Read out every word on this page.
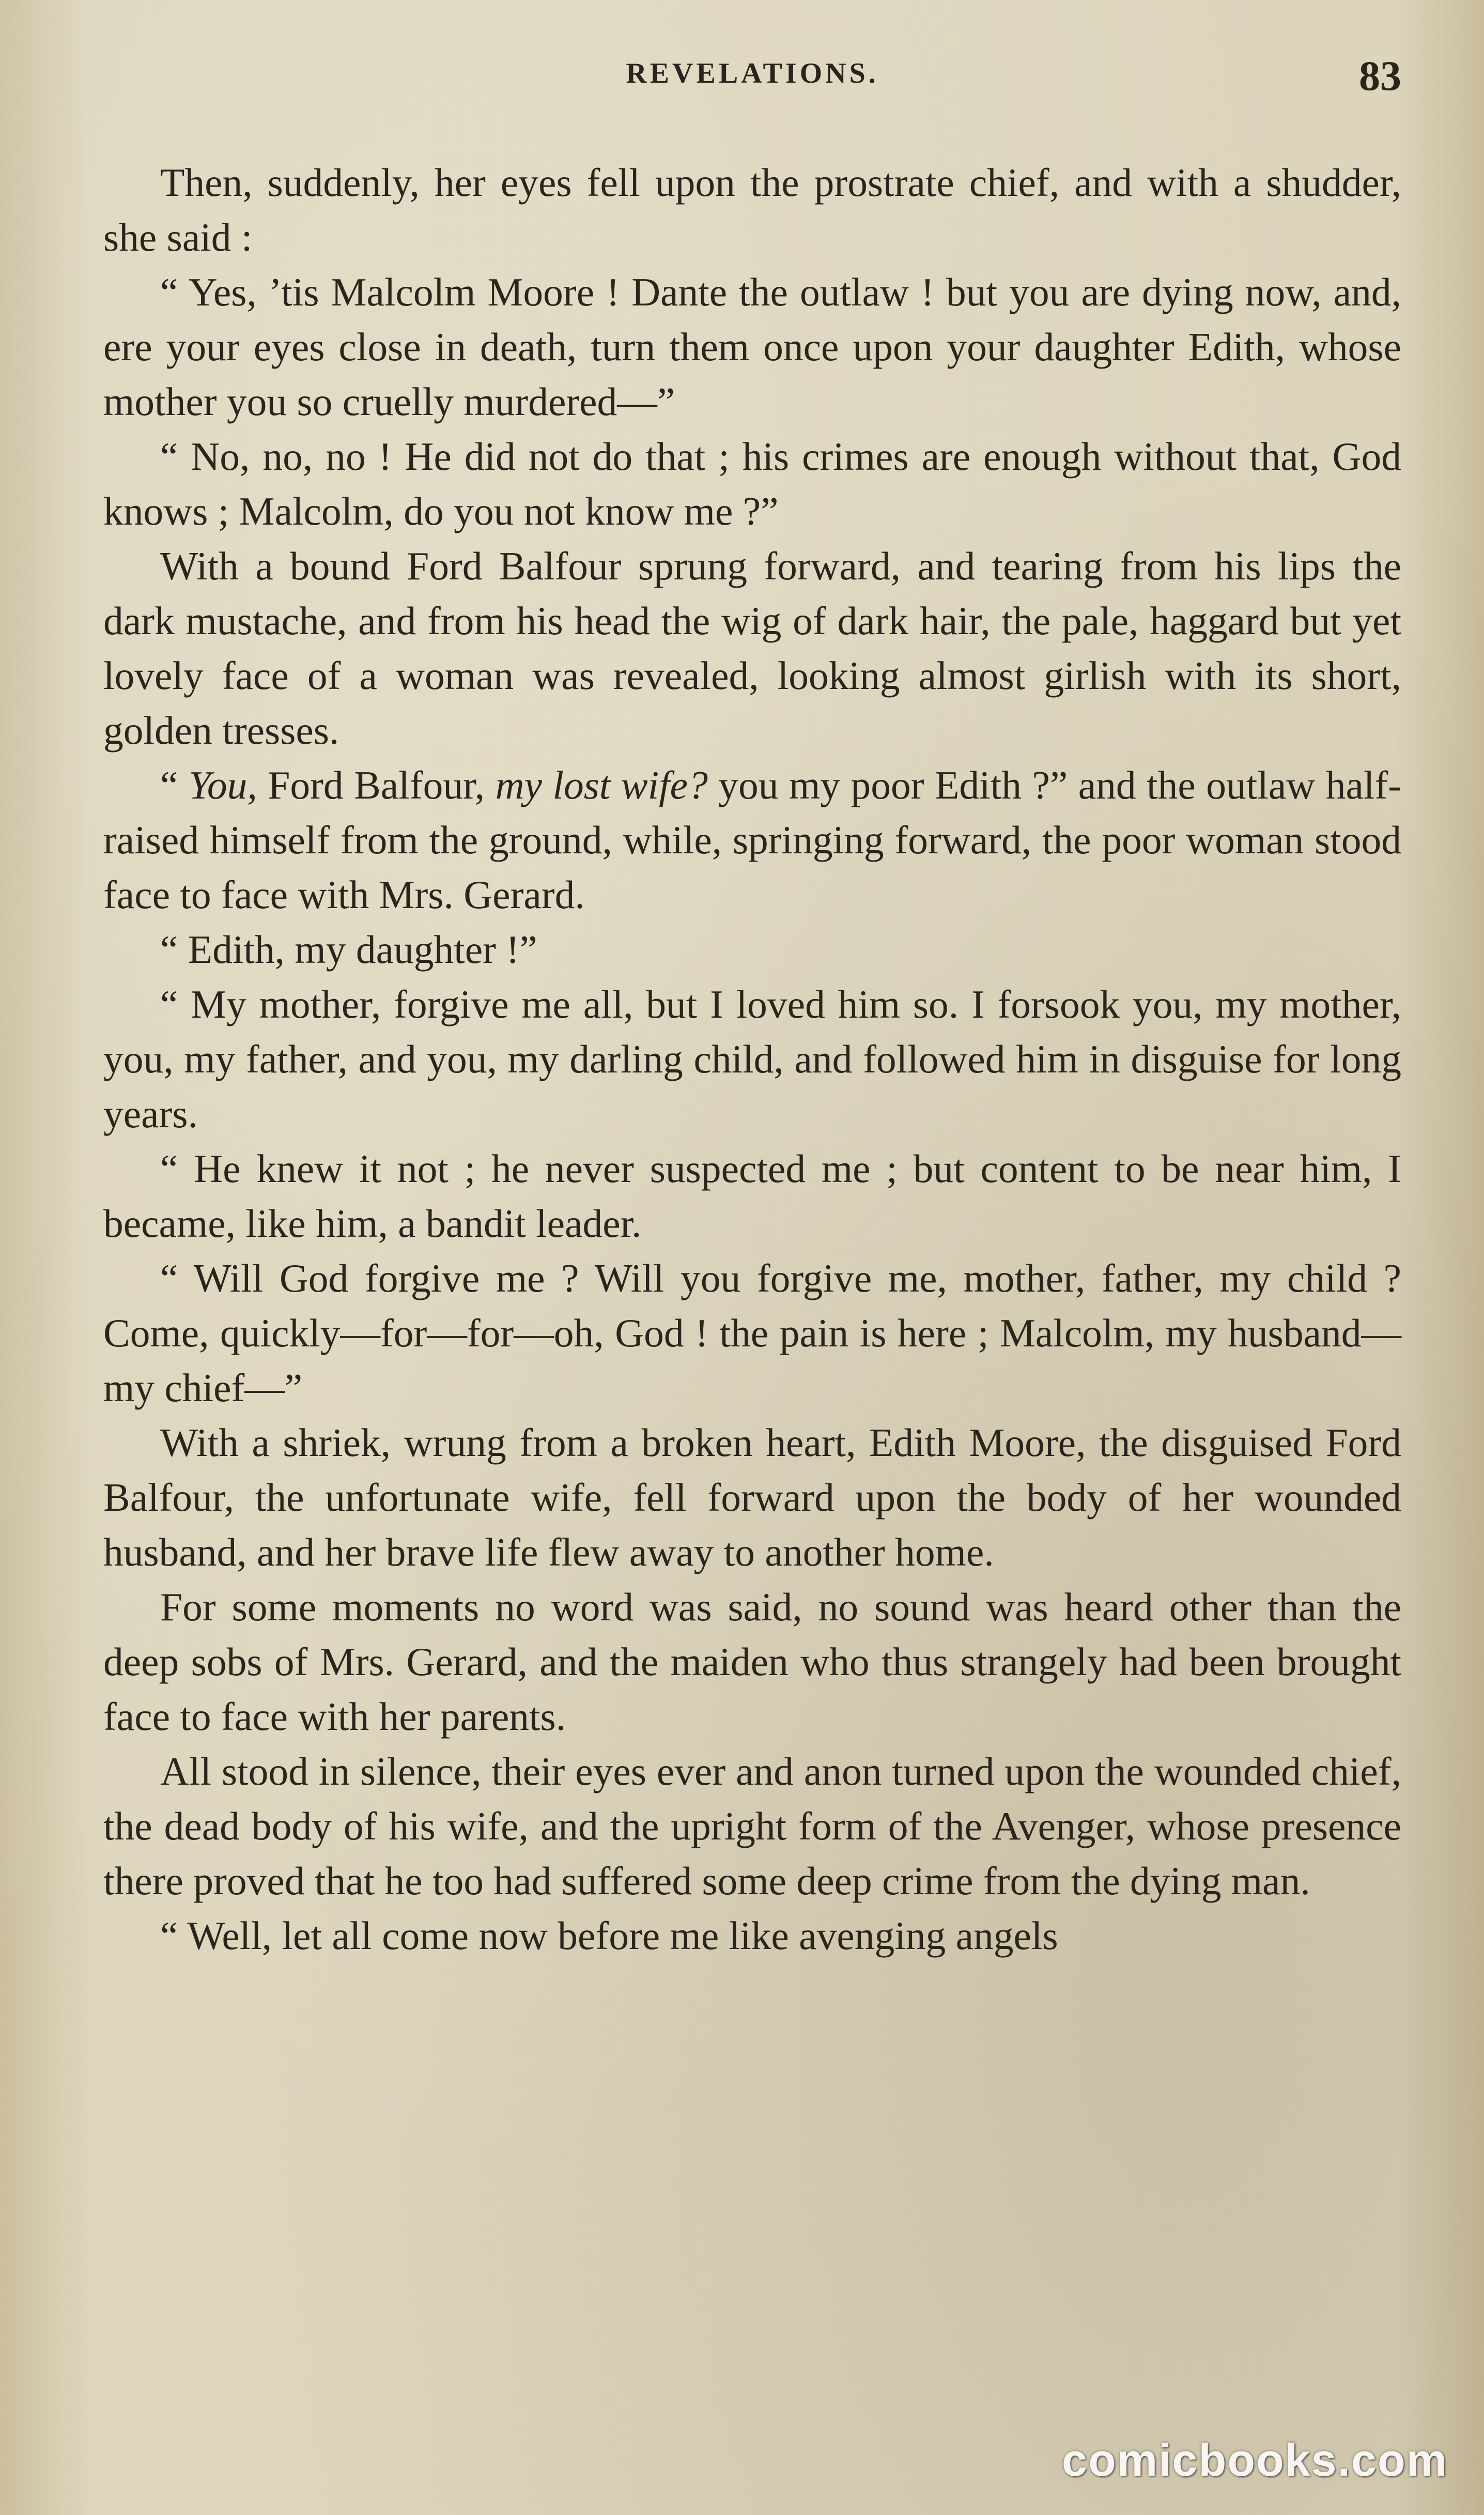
REVELATIONS.	83

Then, suddenly, her eyes fell upon the prostrate chief, and with a shudder, she said :

“ Yes, ’tis Malcolm Moore ! Dante the outlaw ! but you are dying now, and, ere your eyes close in death, turn them once upon your daughter Edith, whose mother you so cruelly murdered—”

“ No, no, no ! He did not do that ; his crimes are enough without that, God knows ; Malcolm, do you not know me ?”

With a bound Ford Balfour sprung forward, and tearing from his lips the dark mustache, and from his head the wig of dark hair, the pale, haggard but yet lovely face of a woman was revealed, looking almost girlish with its short, golden tresses.

“ You, Ford Balfour, my lost wife? you my poor Edith ?” and the outlaw half-raised himself from the ground, while, springing forward, the poor woman stood face to face with Mrs. Gerard.

“ Edith, my daughter !”

“ My mother, forgive me all, but I loved him so. I forsook you, my mother, you, my father, and you, my darling child, and followed him in disguise for long years.

“ He knew it not ; he never suspected me ; but content to be near him, I became, like him, a bandit leader.

“ Will God forgive me ? Will you forgive me, mother, father, my child ? Come, quickly—for—for—oh, God ! the pain is here ; Malcolm, my husband—my chief—”

With a shriek, wrung from a broken heart, Edith Moore, the disguised Ford Balfour, the unfortunate wife, fell forward upon the body of her wounded husband, and her brave life flew away to another home.

For some moments no word was said, no sound was heard other than the deep sobs of Mrs. Gerard, and the maiden who thus strangely had been brought face to face with her parents.

All stood in silence, their eyes ever and anon turned upon the wounded chief, the dead body of his wife, and the upright form of the Avenger, whose presence there proved that he too had suffered some deep crime from the dying man.

“ Well, let all come now before me like avenging angels

comicbooks.com
